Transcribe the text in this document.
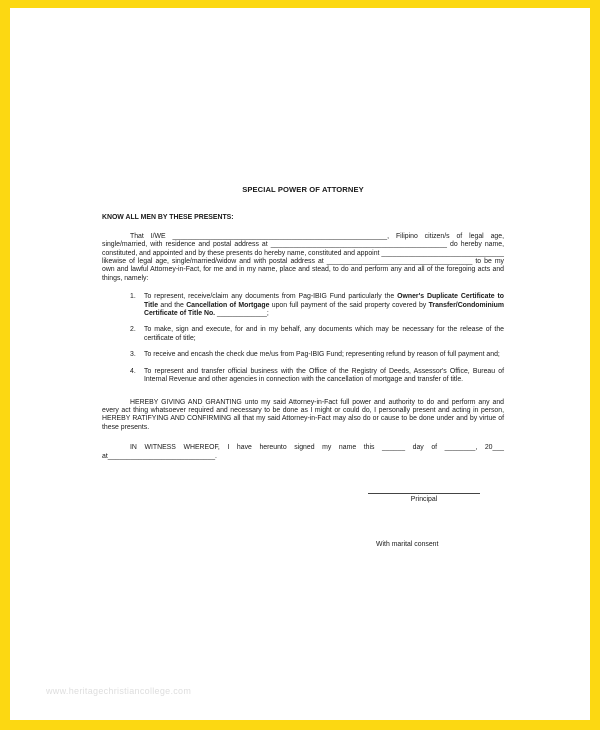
SPECIAL POWER OF ATTORNEY
KNOW ALL MEN BY THESE PRESENTS:

That I/WE ________________________________________________________, Filipino citizen/s of legal age, single/married, with residence and postal address at ______________________________________________ do hereby name, constituted, and appointed and by these presents do hereby name, constituted and appoint ________________________________ likewise of legal age, single/married/widow and with postal address at ______________________________________ to be my own and lawful Attorney-in-Fact, for me and in my name, place and stead, to do and perform any and all of the foregoing acts and things, namely:

1. To represent, receive/claim any documents from Pag-IBIG Fund particularly the Owner's Duplicate Certificate to Title and the Cancellation of Mortgage upon full payment of the said property covered by Transfer/Condominium Certificate of Title No. _____________;
2. To make, sign and execute, for and in my behalf, any documents which may be necessary for the release of the certificate of title;
3. To receive and encash the check due me/us from Pag-IBIG Fund; representing refund by reason of full payment and;
4. To represent and transfer official business with the Office of the Registry of Deeds, Assessor's Office, Bureau of Internal Revenue and other agencies in connection with the cancellation of mortgage and transfer of title.

HEREBY GIVING AND GRANTING unto my said Attorney-in-Fact full power and authority to do and perform any and every act thing whatsoever required and necessary to be done as I might or could do, I personally present and acting in person, HEREBY RATIFYING AND CONFIRMING all that my said Attorney-in-Fact may also do or cause to be done under and by virtue of these presents.

IN WITNESS WHEREOF, I have hereunto signed my name this ______ day of ________, 20___ at____________________________.

Principal
With marital consent
www.heritagechristiancollege.com
